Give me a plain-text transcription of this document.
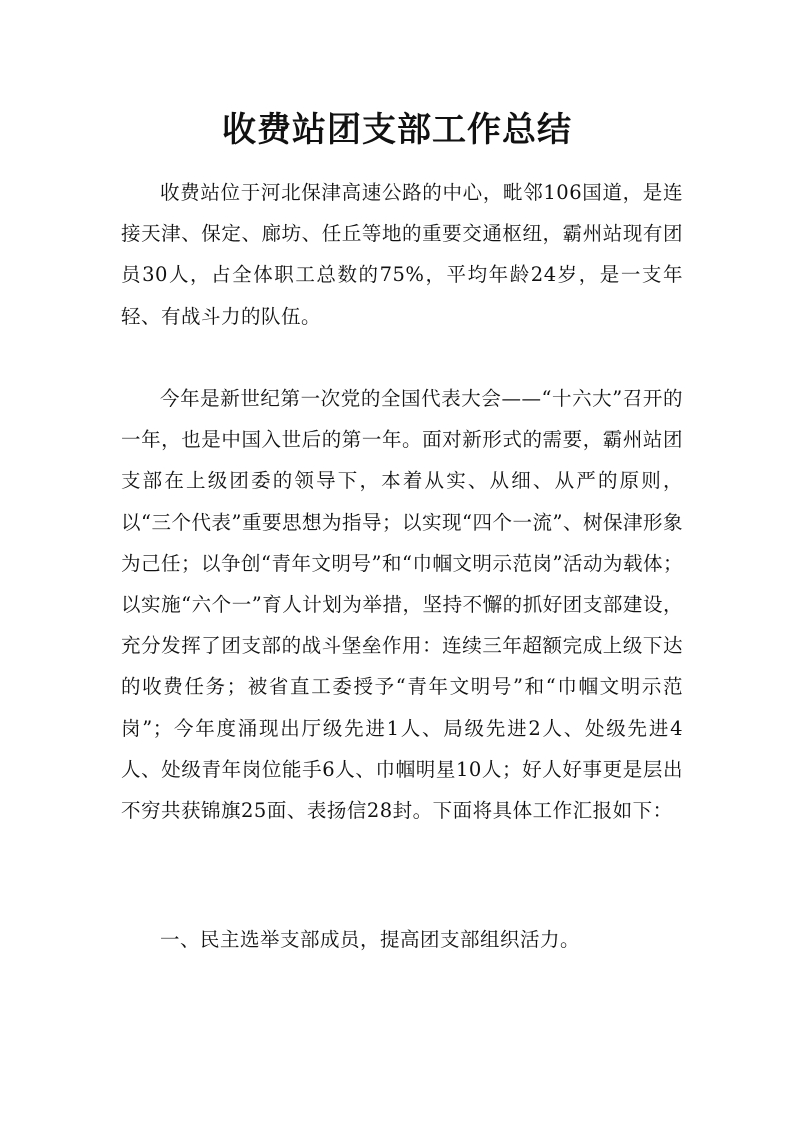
收费站团支部工作总结

收费站位于河北保津高速公路的中心，毗邻106国道，是连接天津、保定、廊坊、任丘等地的重要交通枢纽，霸州站现有团员30人，占全体职工总数的75%，平均年龄24岁，是一支年轻、有战斗力的队伍。

今年是新世纪第一次党的全国代表大会——“十六大”召开的一年，也是中国入世后的第一年。面对新形式的需要，霸州站团支部在上级团委的领导下，本着从实、从细、从严的原则，以“三个代表”重要思想为指导；以实现“四个一流”、树保津形象为己任；以争创“青年文明号”和“巾帼文明示范岗”活动为载体；以实施“六个一”育人计划为举措，坚持不懈的抓好团支部建设，充分发挥了团支部的战斗堡垒作用：连续三年超额完成上级下达的收费任务；被省直工委授予“青年文明号”和“巾帼文明示范岗”；今年度涌现出厅级先进1人、局级先进2人、处级先进4人、处级青年岗位能手6人、巾帼明星10人；好人好事更是层出不穷共获锦旗25面、表扬信28封。下面将具体工作汇报如下：

一、民主选举支部成员，提高团支部组织活力。
